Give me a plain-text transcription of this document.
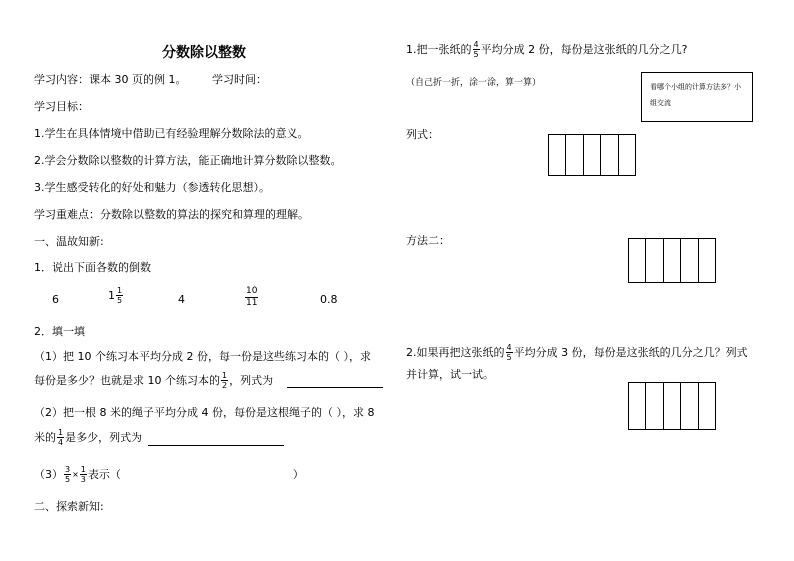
分数除以整数
学习内容：课本 30 页的例 1。 学习时间：
学习目标：
1.学生在具体情境中借助已有经验理解分数除法的意义。
2.学会分数除以整数的计算方法，能正确地计算分数除以整数。
3.学生感受转化的好处和魅力（参透转化思想）。
学习重难点：分数除以整数的算法的探究和算理的理解。
一、温故知新:
1．说出下面各数的倒数
6	$1 \frac{1}{5}$	4	$\frac{10}{11}$	0.8
2．填一填
（1）把 10 个练习本平均分成 2 份，每一份是这些练习本的（ ），求
每份是多少？也就是求 10 个练习本的 $\frac{1}{2}$ ，列式为
（2）把一根 8 米的绳子平均分成 4 份，每份是这根绳子的（ ），求 8
米的 $\frac{1}{4}$ 是多少，列式为
$(3) \frac{3}{5} \times \frac{1}{3}$ 表示（	）
二、探索新知:
1.把一张纸的 $\frac{4}{5}$ 平均分成 2 份，每份是这张纸的几分之几?
（自己折一折，涂一涂，算一算）	看哪个小组的计算方法多？小组交流
列式：
方法二：
2.如果再把这张纸的 $\frac{4}{5}$ 平均分成 3 份，每份是这张纸的几分之几？列式
并计算，试一试。
